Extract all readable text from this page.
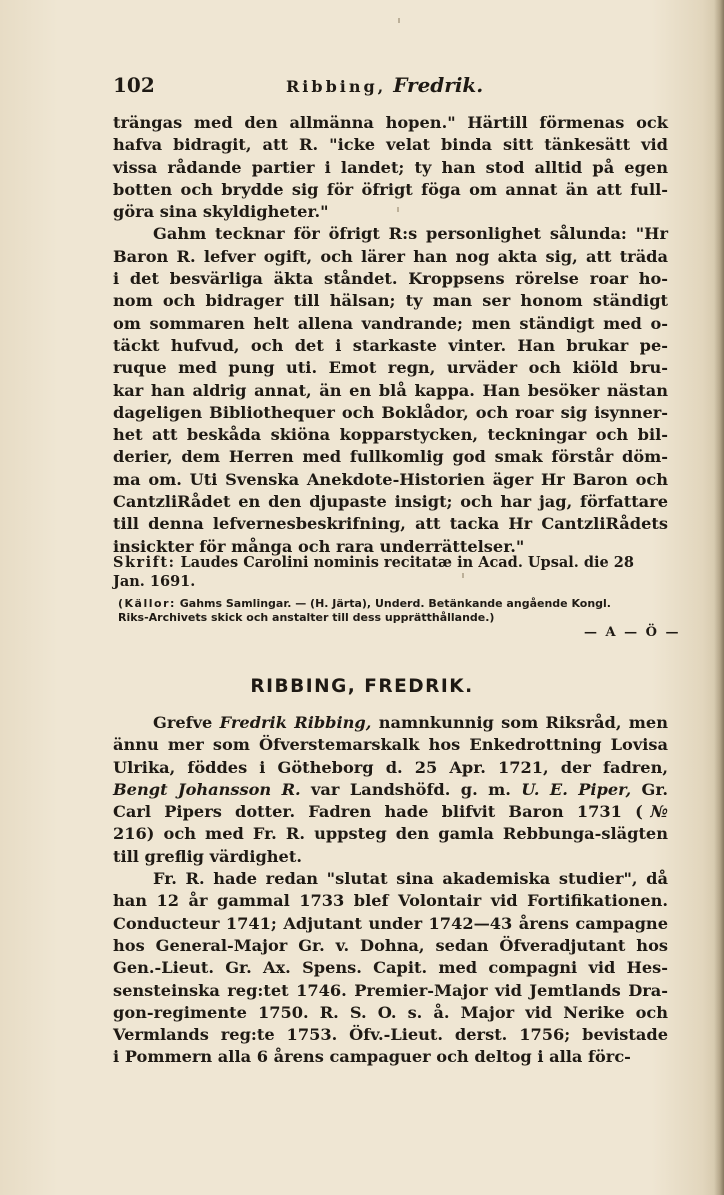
102	Ribbing, Fredrik.

trängas med den allmänna hopen." Härtill förmenas ock

hafva bidragit, att R. "icke velat binda sitt tänkesätt vid

vissa rådande partier i landet; ty han stod alltid på egen

botten och brydde sig för öfrigt föga om annat än att full-

göra sina skyldigheter."

Gahm tecknar för öfrigt R:s personlighet sålunda: "Hr

Baron R. lefver ogift, och lärer han nog akta sig, att träda

i det besvärliga äkta ståndet. Kroppsens rörelse roar ho-

nom och bidrager till hälsan; ty man ser honom ständigt

om sommaren helt allena vandrande; men ständigt med o-

täckt hufvud, och det i starkaste vinter. Han brukar pe-

ruque med pung uti. Emot regn, urväder och kiöld bru-

kar han aldrig annat, än en blå kappa. Han besöker nästan

dageligen Bibliothequer och Boklådor, och roar sig isynner-

het att beskåda skiöna kopparstycken, teckningar och bil-

derier, dem Herren med fullkomlig god smak förstår döm-

ma om. Uti Svenska Anekdote-Historien äger Hr Baron och

CantzliRådet en den djupaste insigt; och har jag, författare

till denna lefvernesbeskrifning, att tacka Hr CantzliRådets

insickter för många och rara underrättelser."

Skrift: Laudes Carolini nominis recitatæ in Acad. Upsal. die 28
Jan. 1691.
(Källor: Gahms Samlingar. — (H. Järta), Underd. Betänkande angående Kongl.
Riks-Archivets skick och anstalter till dess upprätthållande.)
— A — Ö —
RIBBING, FREDRIK.

Grefve Fredrik Ribbing, namnkunnig som Riksråd, men

ännu mer som Öfverstemarskalk hos Enkedrottning Lovisa

Ulrika, föddes i Götheborg d. 25 Apr. 1721, der fadren,

Bengt Johansson R. var Landshöfd. g. m. U. E. Piper, Gr.

Carl Pipers dotter. Fadren hade blifvit Baron 1731 (№

216) och med Fr. R. uppsteg den gamla Rebbunga-slägten

till greflig värdighet.

Fr. R. hade redan "slutat sina akademiska studier", då

han 12 år gammal 1733 blef Volontair vid Fortifikationen.

Conducteur 1741; Adjutant under 1742—43 årens campagne

hos General-Major Gr. v. Dohna, sedan Öfveradjutant hos

Gen.-Lieut. Gr. Ax. Spens. Capit. med compagni vid Hes-

sensteinska reg:tet 1746. Premier-Major vid Jemtlands Dra-

gon-regimente 1750. R. S. O. s. å. Major vid Nerike och

Vermlands reg:te 1753. Öfv.-Lieut. derst. 1756; bevistade

i Pommern alla 6 årens campaguer och deltog i alla förc-
